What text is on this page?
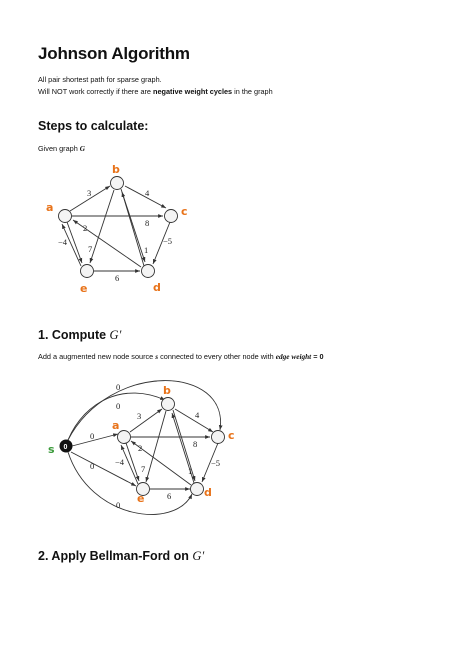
Johnson Algorithm

All pair shortest path for sparse graph.

Will NOT work correctly if there are negative weight cycles in the graph

Steps to calculate:

Given graph G

3	4
8
2
−4
7	1
−5
6
a
b
c
d
e
1. Compute G′

Add a augmented new node source s connected to every other node with edge weight = 0

0
0
0
0
0
0
3	4
8
2
−4
7	1
−5
6
s
a
b
c
d
e
2. Apply Bellman-Ford on G′
